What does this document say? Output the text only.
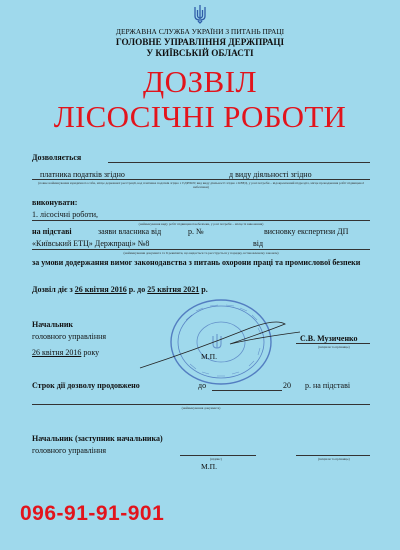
ДЕРЖАВНА СЛУЖБА УКРАЇНИ З ПИТАНЬ ПРАЦІ
ГОЛОВНЕ УПРАВЛІННЯ ДЕРЖПРАЦІ
У КИЇВСЬКІЙ ОБЛАСТІ
ДОЗВІЛ
ЛІСОСІЧНІ РОБОТИ
Дозволяється
платника податків згідно	д виду діяльності згідно
(повне найменування юридичної особи, місце державної реєстрації, код платника податків згідно з ЄДРПОУ, вид виду діяльності згідно з КВЕД, у разі потреби – відокремлений підрозділ, місце провадження робіт підвищеної небезпеки)
виконувати:
1. лісосічні роботи,
(найменування виду робіт підвищеної небезпеки, у разі потреби – місце їх виконання)
на підставі	заяви власника від	р. №	висновку експертизи ДП
«Київський ЕТЦ» Держпраці» №8	від
(найменування документа та її реквізити, що видається та реєструється у порядку, встановленому законом)
за умови додержання вимог законодавства з питань охорони праці та промислової безпеки
Дозвіл діє з 26 квітня 2016 р. до 25 квітня 2021 р.
Начальник
головного управління
26 квітня 2016 року	М.П.
С.В. Музиченко
(ініціали та прізвище)
Строк дії дозволу продовжено	до	20 р. на підставі
(найменування документа)
Начальник (заступник начальника)
головного управління
(підпис)
М.П.
(ініціали та прізвище)
096-91-91-901
